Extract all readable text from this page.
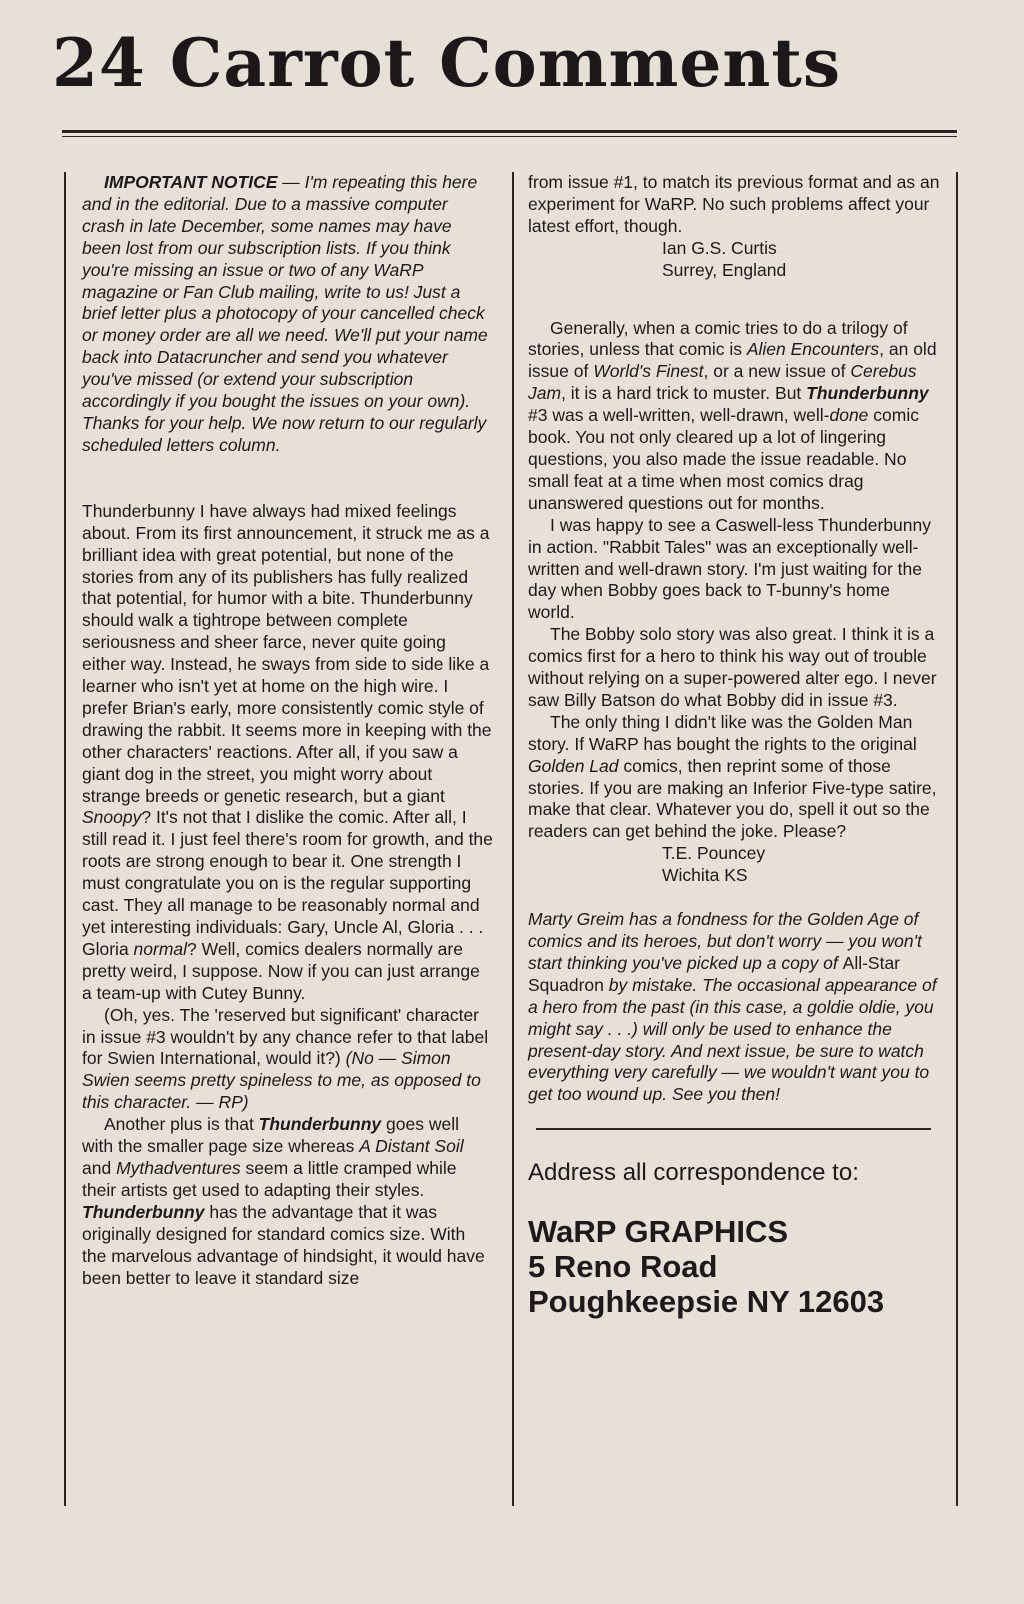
24 Carrot Comments

IMPORTANT NOTICE — I'm repeating this here and in the editorial. Due to a massive computer crash in late December, some names may have been lost from our subscription lists. If you think you're missing an issue or two of any WaRP magazine or Fan Club mailing, write to us! Just a brief letter plus a photocopy of your cancelled check or money order are all we need. We'll put your name back into Datacruncher and send you whatever you've missed (or extend your subscription accordingly if you bought the issues on your own). Thanks for your help. We now return to our regularly scheduled letters column.

Thunderbunny I have always had mixed feelings about. From its first announcement, it struck me as a brilliant idea with great potential, but none of the stories from any of its publishers has fully realized that potential, for humor with a bite. Thunderbunny should walk a tightrope between complete seriousness and sheer farce, never quite going either way. Instead, he sways from side to side like a learner who isn't yet at home on the high wire. I prefer Brian's early, more consistently comic style of drawing the rabbit. It seems more in keeping with the other characters' reactions. After all, if you saw a giant dog in the street, you might worry about strange breeds or genetic research, but a giant Snoopy? It's not that I dislike the comic. After all, I still read it. I just feel there's room for growth, and the roots are strong enough to bear it. One strength I must congratulate you on is the regular supporting cast. They all manage to be reasonably normal and yet interesting individuals: Gary, Uncle Al, Gloria . . . Gloria normal? Well, comics dealers normally are pretty weird, I suppose. Now if you can just arrange a team-up with Cutey Bunny.

(Oh, yes. The 'reserved but significant' character in issue #3 wouldn't by any chance refer to that label for Swien International, would it?) (No — Simon Swien seems pretty spineless to me, as opposed to this character. — RP)

Another plus is that Thunderbunny goes well with the smaller page size whereas A Distant Soil and Mythadventures seem a little cramped while their artists get used to adapting their styles. Thunderbunny has the advantage that it was originally designed for standard comics size. With the marvelous advantage of hindsight, it would have been better to leave it standard size

from issue #1, to match its previous format and as an experiment for WaRP. No such problems affect your latest effort, though.

Ian G.S. Curtis

Surrey, England

Generally, when a comic tries to do a trilogy of stories, unless that comic is Alien Encounters, an old issue of World's Finest, or a new issue of Cerebus Jam, it is a hard trick to muster. But Thunderbunny #3 was a well-written, well-drawn, well-done comic book. You not only cleared up a lot of lingering questions, you also made the issue readable. No small feat at a time when most comics drag unanswered questions out for months.

I was happy to see a Caswell-less Thunderbunny in action. "Rabbit Tales" was an exceptionally well-written and well-drawn story. I'm just waiting for the day when Bobby goes back to T-bunny's home world.

The Bobby solo story was also great. I think it is a comics first for a hero to think his way out of trouble without relying on a super-powered alter ego. I never saw Billy Batson do what Bobby did in issue #3.

The only thing I didn't like was the Golden Man story. If WaRP has bought the rights to the original Golden Lad comics, then reprint some of those stories. If you are making an Inferior Five-type satire, make that clear. Whatever you do, spell it out so the readers can get behind the joke. Please?

T.E. Pouncey

Wichita KS

Marty Greim has a fondness for the Golden Age of comics and its heroes, but don't worry — you won't start thinking you've picked up a copy of All-Star Squadron by mistake. The occasional appearance of a hero from the past (in this case, a goldie oldie, you might say . . .) will only be used to enhance the present-day story. And next issue, be sure to watch everything very carefully — we wouldn't want you to get too wound up. See you then!

Address all correspondence to:

WaRP GRAPHICS

5 Reno Road

Poughkeepsie NY 12603
